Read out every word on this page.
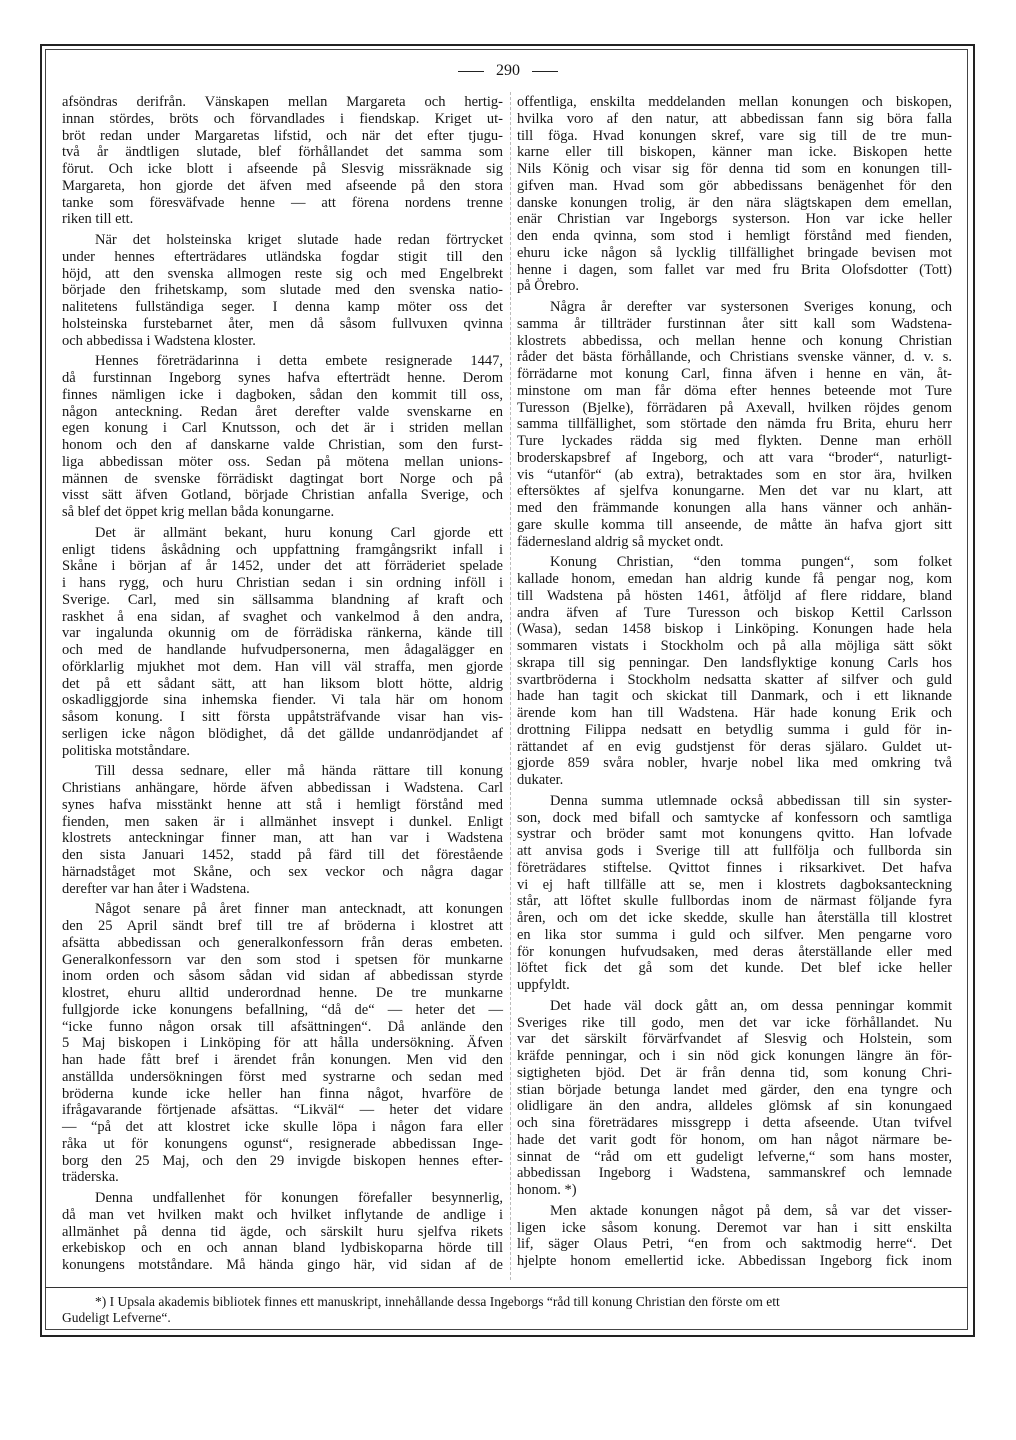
290
afsöndras derifrån. Vänskapen mellan Margareta och hertig-
innan stördes, bröts och förvandlades i fiendskap. Kriget ut-
bröt redan under Margaretas lifstid, och när det efter tjugu-
två år ändtligen slutade, blef förhållandet det samma som
förut. Och icke blott i afseende på Slesvig missräknade sig
Margareta, hon gjorde det äfven med afseende på den stora
tanke som föresväfvade henne — att förena nordens trenne
riken till ett.
När det holsteinska kriget slutade hade redan förtrycket
under hennes efterträdares utländska fogdar stigit till den
höjd, att den svenska allmogen reste sig och med Engelbrekt
började den frihetskamp, som slutade med den svenska natio-
nalitetens fullständiga seger. I denna kamp möter oss det
holsteinska furstebarnet åter, men då såsom fullvuxen qvinna
och abbedissa i Wadstena kloster.
Hennes företrädarinna i detta embete resignerade 1447,
då furstinnan Ingeborg synes hafva efterträdt henne. Derom
finnes nämligen icke i dagboken, sådan den kommit till oss,
någon anteckning. Redan året derefter valde svenskarne en
egen konung i Carl Knutsson, och det är i striden mellan
honom och den af danskarne valde Christian, som den furst-
liga abbedissan möter oss. Sedan på mötena mellan unions-
männen de svenske förrädiskt dagtingat bort Norge och på
visst sätt äfven Gotland, började Christian anfalla Sverige, och
så blef det öppet krig mellan båda konungarne.
Det är allmänt bekant, huru konung Carl gjorde ett
enligt tidens åskådning och uppfattning framgångsrikt infall i
Skåne i början af år 1452, under det att förräderiet spelade
i hans rygg, och huru Christian sedan i sin ordning inföll i
Sverige. Carl, med sin sällsamma blandning af kraft och
raskhet å ena sidan, af svaghet och vankelmod å den andra,
var ingalunda okunnig om de förrädiska ränkerna, kände till
och med de handlande hufvudpersonerna, men ådagalägger en
oförklarlig mjukhet mot dem. Han vill väl straffa, men gjorde
det på ett sådant sätt, att han liksom blott hötte, aldrig
oskadliggjorde sina inhemska fiender. Vi tala här om honom
såsom konung. I sitt första uppåtsträfvande visar han vis-
serligen icke någon blödighet, då det gällde undanrödjandet af
politiska motståndare.
Till dessa sednare, eller må hända rättare till konung
Christians anhängare, hörde äfven abbedissan i Wadstena. Carl
synes hafva misstänkt henne att stå i hemligt förstånd med
fienden, men saken är i allmänhet insvept i dunkel. Enligt
klostrets anteckningar finner man, att han var i Wadstena
den sista Januari 1452, stadd på färd till det förestående
härnadståget mot Skåne, och sex veckor och några dagar
derefter var han åter i Wadstena.
Något senare på året finner man antecknadt, att konungen
den 25 April sändt bref till tre af bröderna i klostret att
afsätta abbedissan och generalkonfessorn från deras embeten.
Generalkonfessorn var den som stod i spetsen för munkarne
inom orden och såsom sådan vid sidan af abbedissan styrde
klostret, ehuru alltid underordnad henne. De tre munkarne
fullgjorde icke konungens befallning, “då de“ — heter det —
“icke funno någon orsak till afsättningen“. Då anlände den
5 Maj biskopen i Linköping för att hålla undersökning. Äfven
han hade fått bref i ärendet från konungen. Men vid den
anställda undersökningen först med systrarne och sedan med
bröderna kunde icke heller han finna något, hvarföre de
ifrågavarande förtjenade afsättas. “Likväl“ — heter det vidare
— “på det att klostret icke skulle löpa i någon fara eller
råka ut för konungens ogunst“, resignerade abbedissan Inge-
borg den 25 Maj, och den 29 invigde biskopen hennes efter-
träderska.
Denna undfallenhet för konungen förefaller besynnerlig,
då man vet hvilken makt och hvilket inflytande de andlige i
allmänhet på denna tid ägde, och särskilt huru sjelfva rikets
erkebiskop och en och annan bland lydbiskoparna hörde till
konungens motståndare. Må hända gingo här, vid sidan af de
offentliga, enskilta meddelanden mellan konungen och biskopen,
hvilka voro af den natur, att abbedissan fann sig böra falla
till föga. Hvad konungen skref, vare sig till de tre mun-
karne eller till biskopen, känner man icke. Biskopen hette
Nils König och visar sig för denna tid som en konungen till-
gifven man. Hvad som gör abbedissans benägenhet för den
danske konungen trolig, är den nära slägtskapen dem emellan,
enär Christian var Ingeborgs systerson. Hon var icke heller
den enda qvinna, som stod i hemligt förstånd med fienden,
ehuru icke någon så lycklig tillfällighet bringade bevisen mot
henne i dagen, som fallet var med fru Brita Olofsdotter (Tott)
på Örebro.
Några år derefter var systersonen Sveriges konung, och
samma år tillträder furstinnan åter sitt kall som Wadstena-
klostrets abbedissa, och mellan henne och konung Christian
råder det bästa förhållande, och Christians svenske vänner, d. v. s.
förrädarne mot konung Carl, finna äfven i henne en vän, åt-
minstone om man får döma efter hennes beteende mot Ture
Turesson (Bjelke), förrädaren på Axevall, hvilken röjdes genom
samma tillfällighet, som störtade den nämda fru Brita, ehuru herr
Ture lyckades rädda sig med flykten. Denne man erhöll
broderskapsbref af Ingeborg, och att vara “broder“, naturligt-
vis “utanför“ (ab extra), betraktades som en stor ära, hvilken
eftersöktes af sjelfva konungarne. Men det var nu klart, att
med den främmande konungen alla hans vänner och anhän-
gare skulle komma till anseende, de måtte än hafva gjort sitt
fädernesland aldrig så mycket ondt.
Konung Christian, “den tomma pungen“, som folket
kallade honom, emedan han aldrig kunde få pengar nog, kom
till Wadstena på hösten 1461, åtföljd af flere riddare, bland
andra äfven af Ture Turesson och biskop Kettil Carlsson
(Wasa), sedan 1458 biskop i Linköping. Konungen hade hela
sommaren vistats i Stockholm och på alla möjliga sätt sökt
skrapa till sig penningar. Den landsflyktige konung Carls hos
svartbröderna i Stockholm nedsatta skatter af silfver och guld
hade han tagit och skickat till Danmark, och i ett liknande
ärende kom han till Wadstena. Här hade konung Erik och
drottning Filippa nedsatt en betydlig summa i guld för in-
rättandet af en evig gudstjenst för deras själaro. Guldet ut-
gjorde 859 svåra nobler, hvarje nobel lika med omkring två
dukater.
Denna summa utlemnade också abbedissan till sin syster-
son, dock med bifall och samtycke af konfessorn och samtliga
systrar och bröder samt mot konungens qvitto. Han lofvade
att anvisa gods i Sverige till att fullfölja och fullborda sin
företrädares stiftelse. Qvittot finnes i riksarkivet. Det hafva
vi ej haft tillfälle att se, men i klostrets dagboksanteckning
står, att löftet skulle fullbordas inom de närmast följande fyra
åren, och om det icke skedde, skulle han återställa till klostret
en lika stor summa i guld och silfver. Men pengarne voro
för konungen hufvudsaken, med deras återställande eller med
löftet fick det gå som det kunde. Det blef icke heller
uppfyldt.
Det hade väl dock gått an, om dessa penningar kommit
Sveriges rike till godo, men det var icke förhållandet. Nu
var det särskilt förvärfvandet af Slesvig och Holstein, som
kräfde penningar, och i sin nöd gick konungen längre än för-
sigtigheten bjöd. Det är från denna tid, som konung Chri-
stian började betunga landet med gärder, den ena tyngre och
olidligare än den andra, alldeles glömsk af sin konungaed
och sina företrädares missgrepp i detta afseende. Utan tvifvel
hade det varit godt för honom, om han något närmare be-
sinnat de “råd om ett gudeligt lefverne,“ som hans moster,
abbedissan Ingeborg i Wadstena, sammanskref och lemnade
honom. *)
Men aktade konungen något på dem, så var det visser-
ligen icke såsom konung. Deremot var han i sitt enskilta
lif, säger Olaus Petri, “en from och saktmodig herre“. Det
hjelpte honom emellertid icke. Abbedissan Ingeborg fick inom
*) I Upsala akademis bibliotek finnes ett manuskript, innehållande dessa Ingeborgs “råd till konung Christian den förste om ett
Gudeligt Lefverne“.
